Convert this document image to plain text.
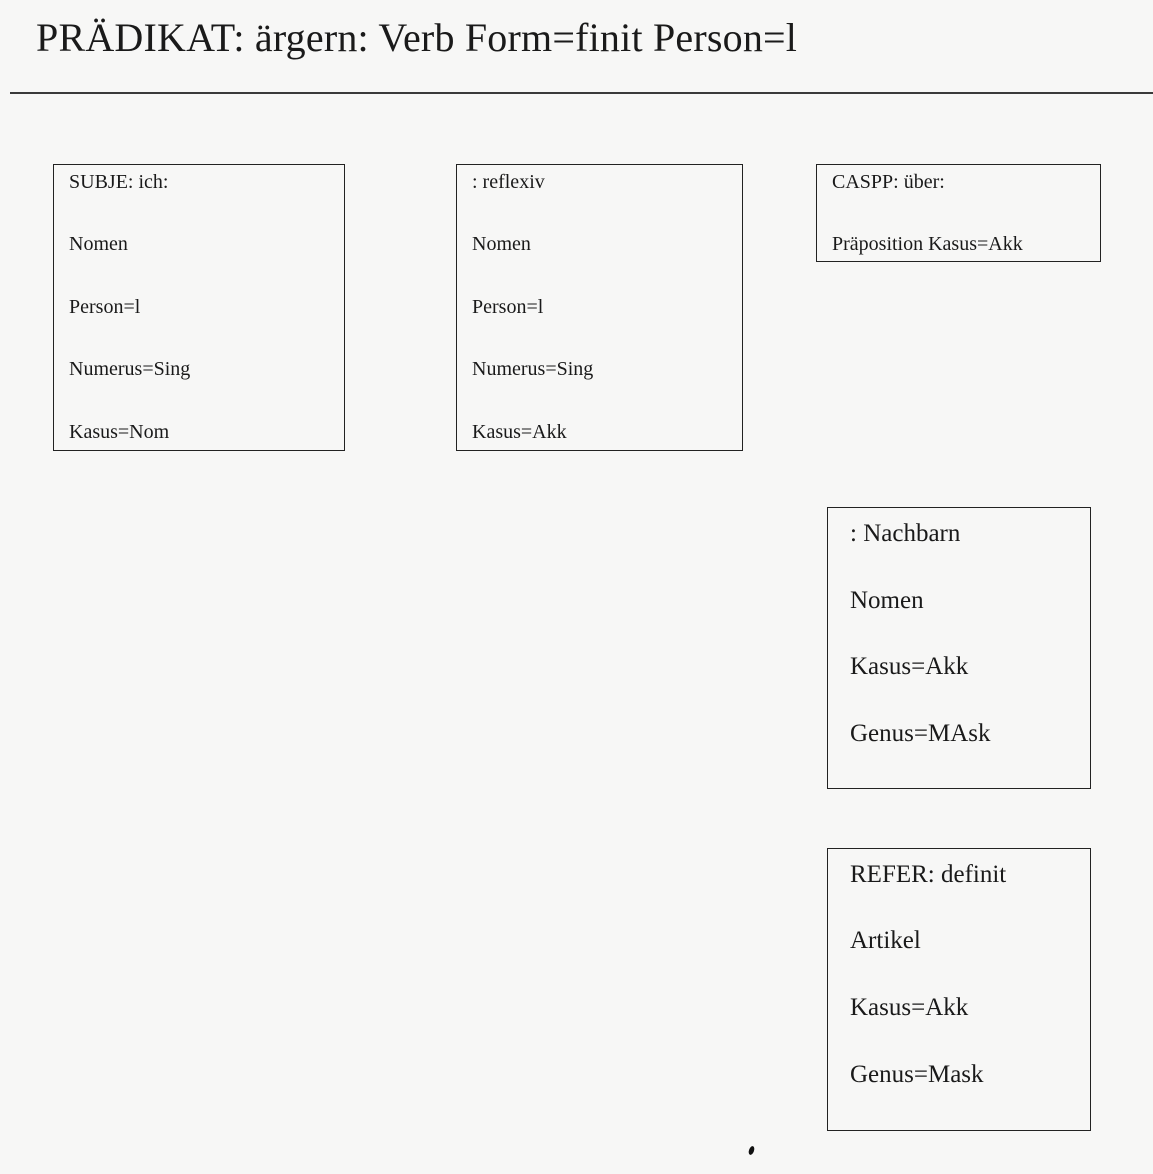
PRÄDIKAT: ärgern: Verb Form=finit Person=l
SUBJE: ich:
Nomen
Person=l
Numerus=Sing
Kasus=Nom
: reflexiv
Nomen
Person=l
Numerus=Sing
Kasus=Akk
CASPP: über:
Präposition Kasus=Akk
: Nachbarn
Nomen
Kasus=Akk
Genus=MAsk
REFER: definit
Artikel
Kasus=Akk
Genus=Mask
